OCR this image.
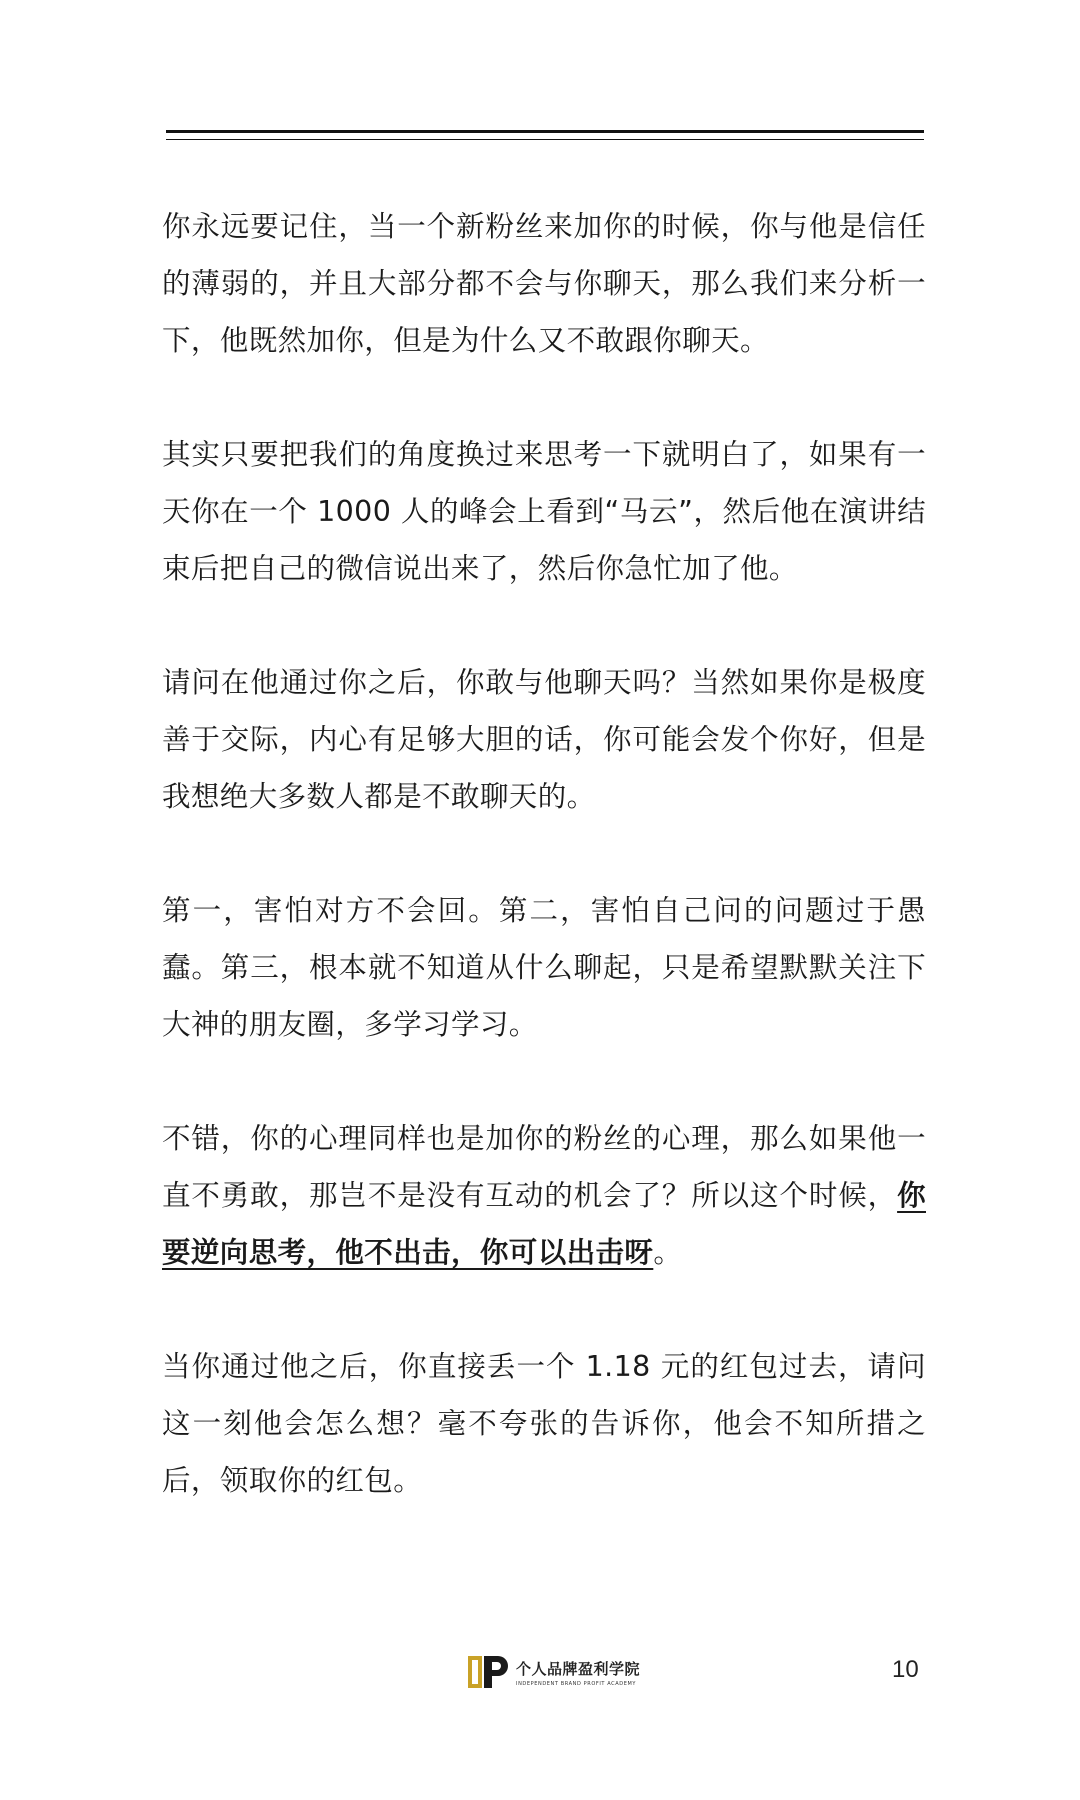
你永远要记住，当一个新粉丝来加你的时候，你与他是信任的薄弱的，并且大部分都不会与你聊天，那么我们来分析一下，他既然加你，但是为什么又不敢跟你聊天。

其实只要把我们的角度换过来思考一下就明白了，如果有一天你在一个 1000 人的峰会上看到“马云”，然后他在演讲结束后把自己的微信说出来了，然后你急忙加了他。

请问在他通过你之后，你敢与他聊天吗？当然如果你是极度善于交际，内心有足够大胆的话，你可能会发个你好，但是我想绝大多数人都是不敢聊天的。

第一，害怕对方不会回。第二，害怕自己问的问题过于愚蠢。第三，根本就不知道从什么聊起，只是希望默默关注下大神的朋友圈，多学习学习。

不错，你的心理同样也是加你的粉丝的心理，那么如果他一直不勇敢，那岂不是没有互动的机会了？所以这个时候，你要逆向思考，他不出击，你可以出击呀。

当你通过他之后，你直接丢一个 1.18 元的红包过去，请问这一刻他会怎么想？毫不夸张的告诉你，他会不知所措之后，领取你的红包。

个人品牌盈利学院
INDEPENDENT BRAND PROFIT ACADEMY
10
